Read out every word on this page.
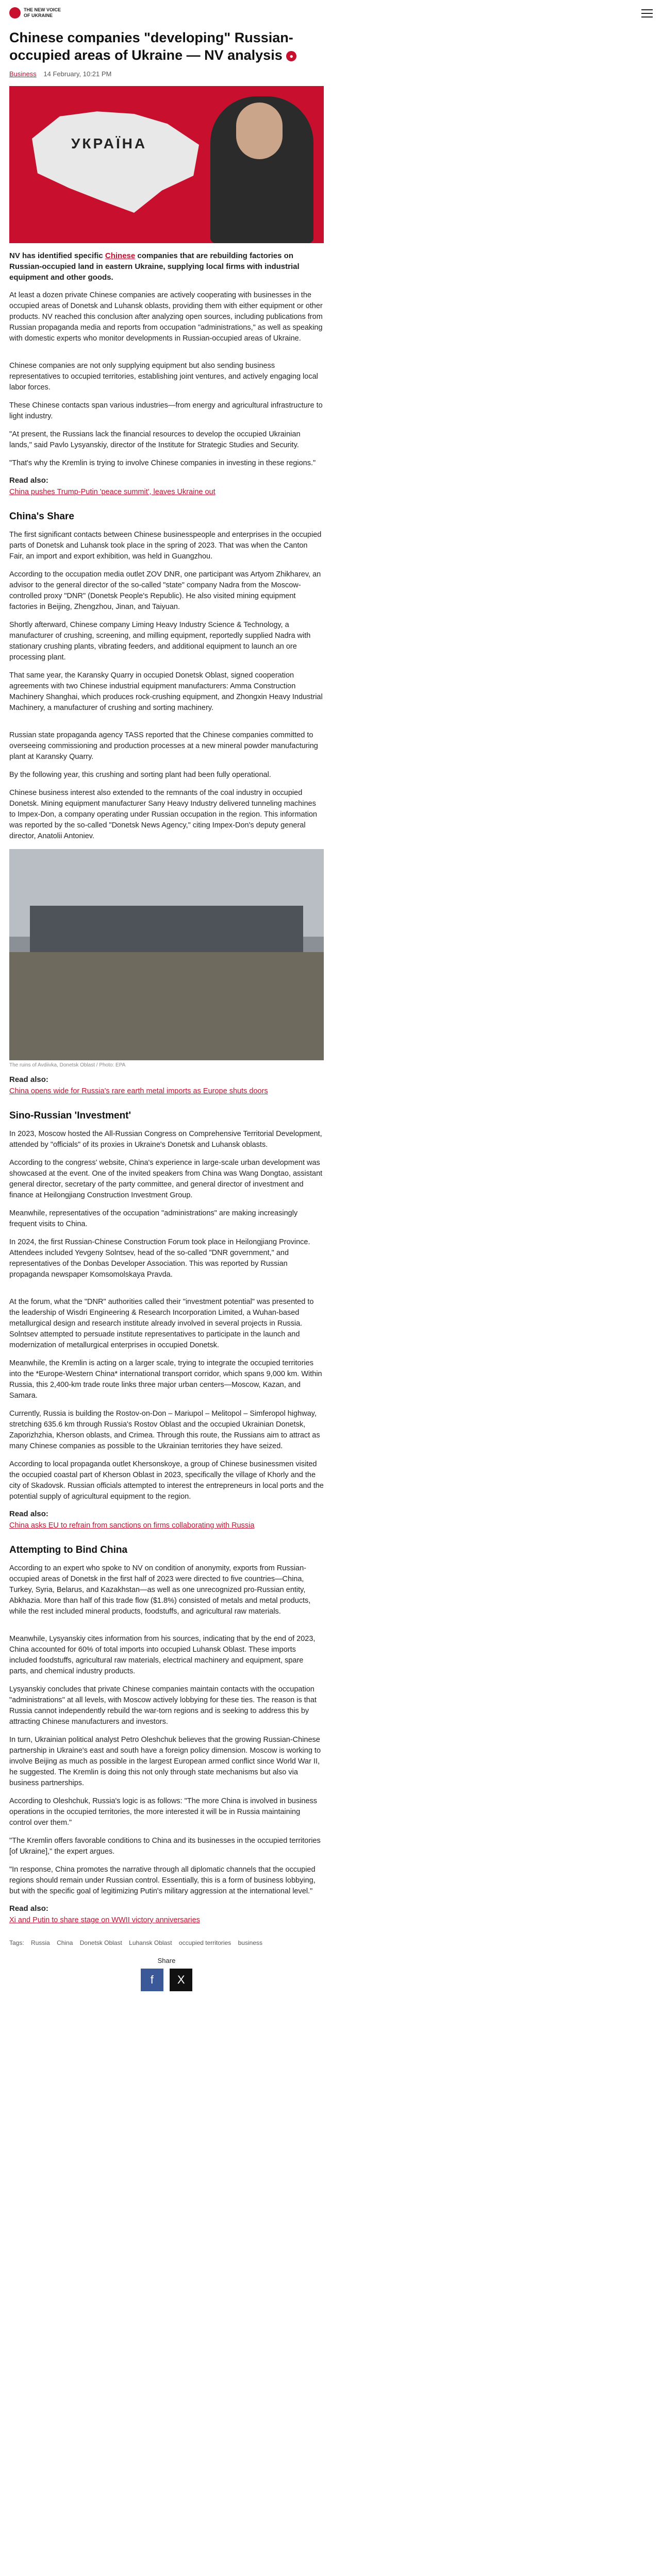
THE NEW VOICE OF UKRAINE
Chinese companies "developing" Russian-occupied areas of Ukraine — NV analysis ●
Business 14 February, 10:21 PM
УКРАЇНА

NV has identified specific Chinese companies that are rebuilding factories on Russian-occupied land in eastern Ukraine, supplying local firms with industrial equipment and other goods.

At least a dozen private Chinese companies are actively cooperating with businesses in the occupied areas of Donetsk and Luhansk oblasts, providing them with either equipment or other products. NV reached this conclusion after analyzing open sources, including publications from Russian propaganda media and reports from occupation "administrations," as well as speaking with domestic experts who monitor developments in Russian-occupied areas of Ukraine.

Chinese companies are not only supplying equipment but also sending business representatives to occupied territories, establishing joint ventures, and actively engaging local labor forces.

These Chinese contacts span various industries—from energy and agricultural infrastructure to light industry.

"At present, the Russians lack the financial resources to develop the occupied Ukrainian lands," said Pavlo Lysyanskiy, director of the Institute for Strategic Studies and Security.

"That's why the Kremlin is trying to involve Chinese companies in investing in these regions."

Read also:
China pushes Trump-Putin 'peace summit', leaves Ukraine out
China's Share

The first significant contacts between Chinese businesspeople and enterprises in the occupied parts of Donetsk and Luhansk took place in the spring of 2023. That was when the Canton Fair, an import and export exhibition, was held in Guangzhou.

According to the occupation media outlet ZOV DNR, one participant was Artyom Zhikharev, an advisor to the general director of the so-called "state" company Nadra from the Moscow-controlled proxy "DNR" (Donetsk People's Republic). He also visited mining equipment factories in Beijing, Zhengzhou, Jinan, and Taiyuan.

Shortly afterward, Chinese company Liming Heavy Industry Science & Technology, a manufacturer of crushing, screening, and milling equipment, reportedly supplied Nadra with stationary crushing plants, vibrating feeders, and additional equipment to launch an ore processing plant.

That same year, the Karansky Quarry in occupied Donetsk Oblast, signed cooperation agreements with two Chinese industrial equipment manufacturers: Amma Construction Machinery Shanghai, which produces rock-crushing equipment, and Zhongxin Heavy Industrial Machinery, a manufacturer of crushing and sorting machinery.

Russian state propaganda agency TASS reported that the Chinese companies committed to overseeing commissioning and production processes at a new mineral powder manufacturing plant at Karansky Quarry.

By the following year, this crushing and sorting plant had been fully operational.

Chinese business interest also extended to the remnants of the coal industry in occupied Donetsk. Mining equipment manufacturer Sany Heavy Industry delivered tunneling machines to Impex-Don, a company operating under Russian occupation in the region. This information was reported by the so-called "Donetsk News Agency," citing Impex-Don's deputy general director, Anatolii Antoniev.

The ruins of Avdiivka, Donetsk Oblast / Photo: EPA
Read also:
China opens wide for Russia's rare earth metal imports as Europe shuts doors
Sino-Russian 'Investment'

In 2023, Moscow hosted the All-Russian Congress on Comprehensive Territorial Development, attended by "officials" of its proxies in Ukraine's Donetsk and Luhansk oblasts.

According to the congress' website, China's experience in large-scale urban development was showcased at the event. One of the invited speakers from China was Wang Dongtao, assistant general director, secretary of the party committee, and general director of investment and finance at Heilongjiang Construction Investment Group.

Meanwhile, representatives of the occupation "administrations" are making increasingly frequent visits to China.

In 2024, the first Russian-Chinese Construction Forum took place in Heilongjiang Province. Attendees included Yevgeny Solntsev, head of the so-called "DNR government," and representatives of the Donbas Developer Association. This was reported by Russian propaganda newspaper Komsomolskaya Pravda.

At the forum, what the "DNR" authorities called their "investment potential" was presented to the leadership of Wisdri Engineering & Research Incorporation Limited, a Wuhan-based metallurgical design and research institute already involved in several projects in Russia. Solntsev attempted to persuade institute representatives to participate in the launch and modernization of metallurgical enterprises in occupied Donetsk.

Meanwhile, the Kremlin is acting on a larger scale, trying to integrate the occupied territories into the *Europe-Western China* international transport corridor, which spans 9,000 km. Within Russia, this 2,400-km trade route links three major urban centers—Moscow, Kazan, and Samara.

Currently, Russia is building the Rostov-on-Don – Mariupol – Melitopol – Simferopol highway, stretching 635.6 km through Russia's Rostov Oblast and the occupied Ukrainian Donetsk, Zaporizhzhia, Kherson oblasts, and Crimea. Through this route, the Russians aim to attract as many Chinese companies as possible to the Ukrainian territories they have seized.

According to local propaganda outlet Khersonskoye, a group of Chinese businessmen visited the occupied coastal part of Kherson Oblast in 2023, specifically the village of Khorly and the city of Skadovsk. Russian officials attempted to interest the entrepreneurs in local ports and the potential supply of agricultural equipment to the region.

Read also:
China asks EU to refrain from sanctions on firms collaborating with Russia
Attempting to Bind China

According to an expert who spoke to NV on condition of anonymity, exports from Russian-occupied areas of Donetsk in the first half of 2023 were directed to five countries—China, Turkey, Syria, Belarus, and Kazakhstan—as well as one unrecognized pro-Russian entity, Abkhazia. More than half of this trade flow ($1.8%) consisted of metals and metal products, while the rest included mineral products, foodstuffs, and agricultural raw materials.

Meanwhile, Lysyanskiy cites information from his sources, indicating that by the end of 2023, China accounted for 60% of total imports into occupied Luhansk Oblast. These imports included foodstuffs, agricultural raw materials, electrical machinery and equipment, spare parts, and chemical industry products.

Lysyanskiy concludes that private Chinese companies maintain contacts with the occupation "administrations" at all levels, with Moscow actively lobbying for these ties. The reason is that Russia cannot independently rebuild the war-torn regions and is seeking to address this by attracting Chinese manufacturers and investors.

In turn, Ukrainian political analyst Petro Oleshchuk believes that the growing Russian-Chinese partnership in Ukraine's east and south have a foreign policy dimension. Moscow is working to involve Beijing as much as possible in the largest European armed conflict since World War II, he suggested. The Kremlin is doing this not only through state mechanisms but also via business partnerships.

According to Oleshchuk, Russia's logic is as follows: "The more China is involved in business operations in the occupied territories, the more interested it will be in Russia maintaining control over them."

"The Kremlin offers favorable conditions to China and its businesses in the occupied territories [of Ukraine]," the expert argues.

"In response, China promotes the narrative through all diplomatic channels that the occupied regions should remain under Russian control. Essentially, this is a form of business lobbying, but with the specific goal of legitimizing Putin's military aggression at the international level."

Read also:
Xi and Putin to share stage on WWII victory anniversaries
Tags: Russia China Donetsk Oblast Luhansk Oblast occupied territories business
Share
f X
